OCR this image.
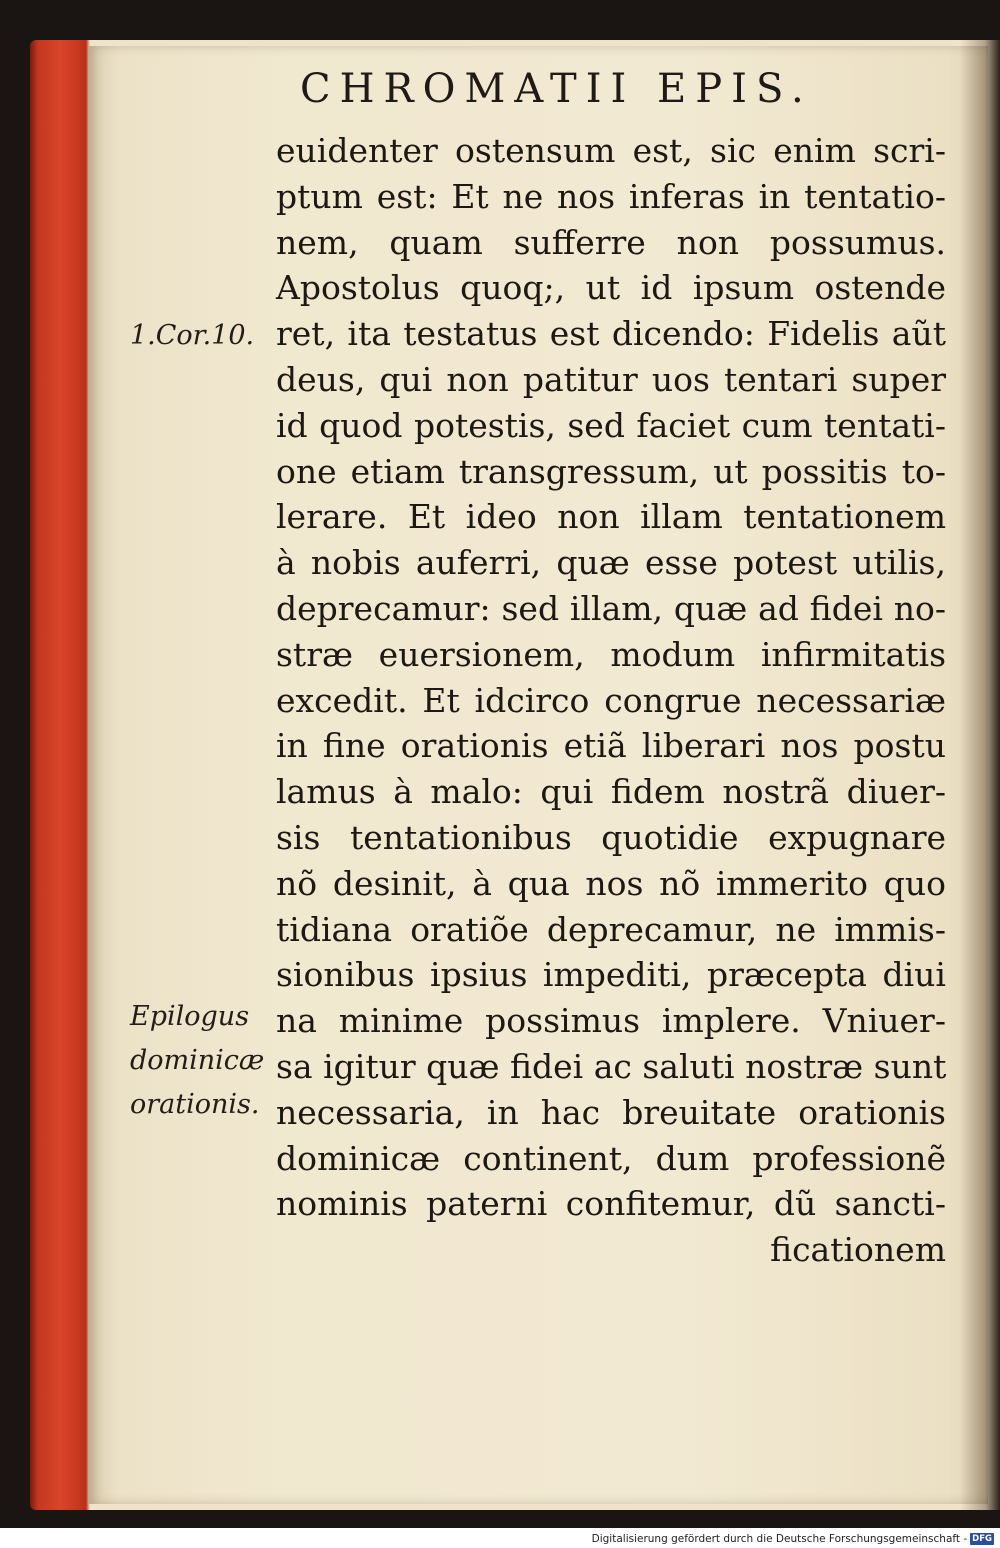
CHROMATII EPIS.
1.Cor.10.
Epilogus
dominicæ
orationis.
euidenter ostensum est, sic enim scri-
ptum est: Et ne nos inferas in tentatio-
nem, quam sufferre non possumus.
Apostolus quoq;, ut id ipsum ostende
ret, ita testatus est dicendo: Fidelis aũt
deus, qui non patitur uos tentari super
id quod potestis, sed faciet cum tentati-
one etiam transgressum, ut possitis to-
lerare. Et ideo non illam tentationem
à nobis auferri, quæ esse potest utilis,
deprecamur: sed illam, quæ ad fidei no-
stræ euersionem, modum infirmitatis
excedit. Et idcirco congrue necessariæ
in fine orationis etiã liberari nos postu
lamus à malo: qui fidem nostrã diuer-
sis tentationibus quotidie expugnare
nõ desinit, à qua nos nõ immerito quo
tidiana oratiõe deprecamur, ne immis-
sionibus ipsius impediti, præcepta diui
na minime possimus implere. Vniuer-
sa igitur quæ fidei ac saluti nostræ sunt
necessaria, in hac breuitate orationis
dominicæ continent, dum professionẽ
nominis paterni confitemur, dũ sancti-
ficationem
Digitalisierung gefördert durch die Deutsche Forschungsgemeinschaft - DFG
